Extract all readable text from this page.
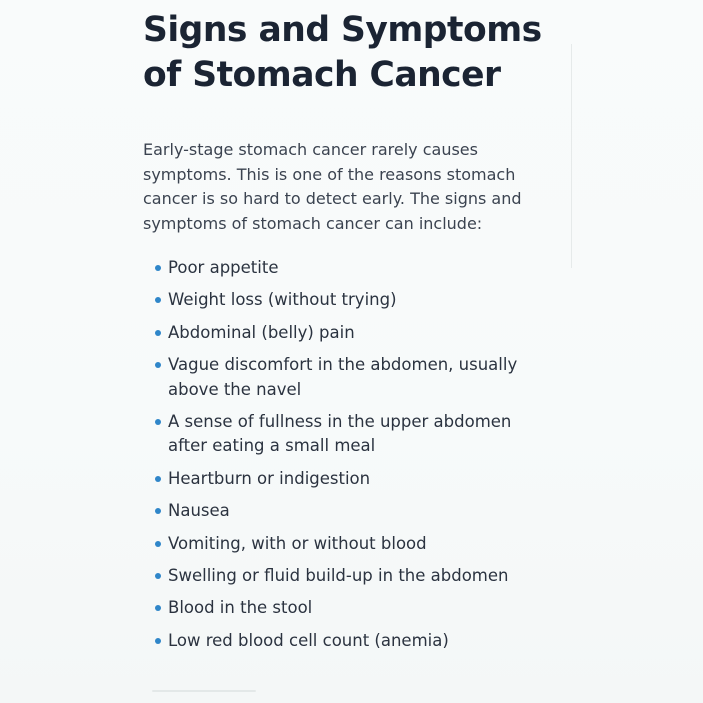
Signs and Symptoms
of Stomach Cancer

Early-stage stomach cancer rarely causes
symptoms. This is one of the reasons stomach
cancer is so hard to detect early. The signs and
symptoms of stomach cancer can include:

Poor appetite
Weight loss (without trying)
Abdominal (belly) pain
Vague discomfort in the abdomen, usually
above the navel
A sense of fullness in the upper abdomen
after eating a small meal
Heartburn or indigestion
Nausea
Vomiting, with or without blood
Swelling or fluid build-up in the abdomen
Blood in the stool
Low red blood cell count (anemia)
